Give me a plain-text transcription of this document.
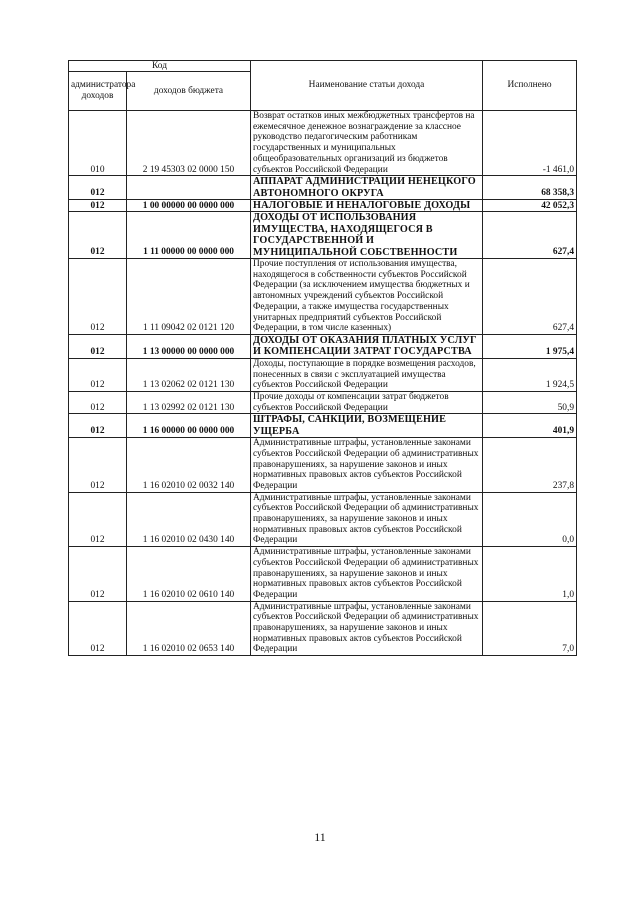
Код		Наименование статьи дохода	Исполнено
администратора доходов	доходов бюджета		
010	2 19 45303 02 0000 150	Возврат остатков иных межбюджетных трансфертов на ежемесячное денежное вознаграждение за классное руководство педагогическим работникам государственных и муниципальных общеобразовательных организаций из бюджетов субъектов Российской Федерации	-1 461,0
012		АППАРАТ АДМИНИСТРАЦИИ НЕНЕЦКОГО АВТОНОМНОГО ОКРУГА	68 358,3
012	1 00 00000 00 0000 000	НАЛОГОВЫЕ И НЕНАЛОГОВЫЕ ДОХОДЫ	42 052,3
012	1 11 00000 00 0000 000	ДОХОДЫ ОТ ИСПОЛЬЗОВАНИЯ ИМУЩЕСТВА, НАХОДЯЩЕГОСЯ В ГОСУДАРСТВЕННОЙ И МУНИЦИПАЛЬНОЙ СОБСТВЕННОСТИ	627,4
012	1 11 09042 02 0121 120	Прочие поступления от использования имущества, находящегося в собственности субъектов Российской Федерации (за исключением имущества бюджетных и автономных учреждений субъектов Российской Федерации, а также имущества государственных унитарных предприятий субъектов Российской Федерации, в том числе казенных)	627,4
012	1 13 00000 00 0000 000	ДОХОДЫ ОТ ОКАЗАНИЯ ПЛАТНЫХ УСЛУГ И КОМПЕНСАЦИИ ЗАТРАТ ГОСУДАРСТВА	1 975,4
012	1 13 02062 02 0121 130	Доходы, поступающие в порядке возмещения расходов, понесенных в связи с эксплуатацией имущества субъектов Российской Федерации	1 924,5
012	1 13 02992 02 0121 130	Прочие доходы от компенсации затрат бюджетов субъектов Российской Федерации	50,9
012	1 16 00000 00 0000 000	ШТРАФЫ, САНКЦИИ, ВОЗМЕЩЕНИЕ УЩЕРБА	401,9
012	1 16 02010 02 0032 140	Административные штрафы, установленные законами субъектов Российской Федерации об административных правонарушениях, за нарушение законов и иных нормативных правовых актов субъектов Российской Федерации	237,8
012	1 16 02010 02 0430 140	Административные штрафы, установленные законами субъектов Российской Федерации об административных правонарушениях, за нарушение законов и иных нормативных правовых актов субъектов Российской Федерации	0,0
012	1 16 02010 02 0610 140	Административные штрафы, установленные законами субъектов Российской Федерации об административных правонарушениях, за нарушение законов и иных нормативных правовых актов субъектов Российской Федерации	1,0
012	1 16 02010 02 0653 140	Административные штрафы, установленные законами субъектов Российской Федерации об административных правонарушениях, за нарушение законов и иных нормативных правовых актов субъектов Российской Федерации	7,0
11
